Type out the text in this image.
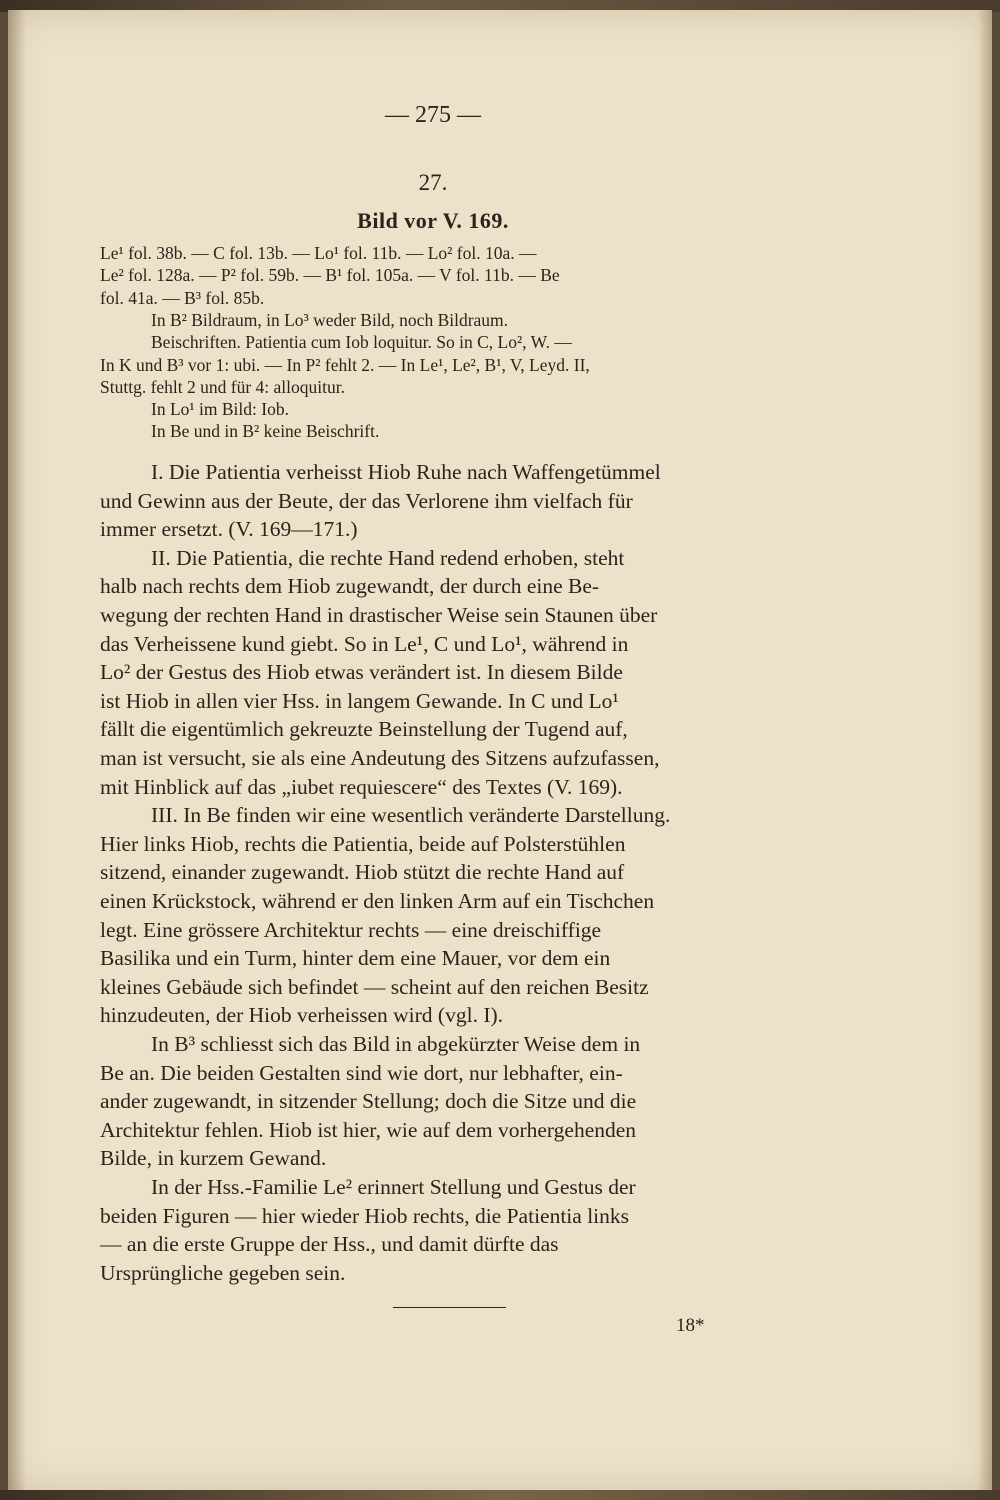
— 275 —
27.
Bild vor V. 169.
Le¹ fol. 38b. — C fol. 13b. — Lo¹ fol. 11b. — Lo² fol. 10a. —
Le² fol. 128a. — P² fol. 59b. — B¹ fol. 105a. — V fol. 11b. — Be
fol. 41a. — B³ fol. 85b.
In B² Bildraum, in Lo³ weder Bild, noch Bildraum.
Beischriften. Patientia cum Iob loquitur. So in C, Lo², W. —
In K und B³ vor 1: ubi. — In P² fehlt 2. — In Le¹, Le², B¹, V, Leyd. II,
Stuttg. fehlt 2 und für 4: alloquitur.
In Lo¹ im Bild: Iob.
In Be und in B² keine Beischrift.
I. Die Patientia verheisst Hiob Ruhe nach Waffengetümmel
und Gewinn aus der Beute, der das Verlorene ihm vielfach für
immer ersetzt. (V. 169—171.)
II. Die Patientia, die rechte Hand redend erhoben, steht
halb nach rechts dem Hiob zugewandt, der durch eine Be-
wegung der rechten Hand in drastischer Weise sein Staunen über
das Verheissene kund giebt. So in Le¹, C und Lo¹, während in
Lo² der Gestus des Hiob etwas verändert ist. In diesem Bilde
ist Hiob in allen vier Hss. in langem Gewande. In C und Lo¹
fällt die eigentümlich gekreuzte Beinstellung der Tugend auf,
man ist versucht, sie als eine Andeutung des Sitzens aufzufassen,
mit Hinblick auf das „iubet requiescere“ des Textes (V. 169).
III. In Be finden wir eine wesentlich veränderte Darstellung.
Hier links Hiob, rechts die Patientia, beide auf Polsterstühlen
sitzend, einander zugewandt. Hiob stützt die rechte Hand auf
einen Krückstock, während er den linken Arm auf ein Tischchen
legt. Eine grössere Architektur rechts — eine dreischiffige
Basilika und ein Turm, hinter dem eine Mauer, vor dem ein
kleines Gebäude sich befindet — scheint auf den reichen Besitz
hinzudeuten, der Hiob verheissen wird (vgl. I).
In B³ schliesst sich das Bild in abgekürzter Weise dem in
Be an. Die beiden Gestalten sind wie dort, nur lebhafter, ein-
ander zugewandt, in sitzender Stellung; doch die Sitze und die
Architektur fehlen. Hiob ist hier, wie auf dem vorhergehenden
Bilde, in kurzem Gewand.
In der Hss.-Familie Le² erinnert Stellung und Gestus der
beiden Figuren — hier wieder Hiob rechts, die Patientia links
— an die erste Gruppe der Hss., und damit dürfte das
Ursprüngliche gegeben sein.
18*
